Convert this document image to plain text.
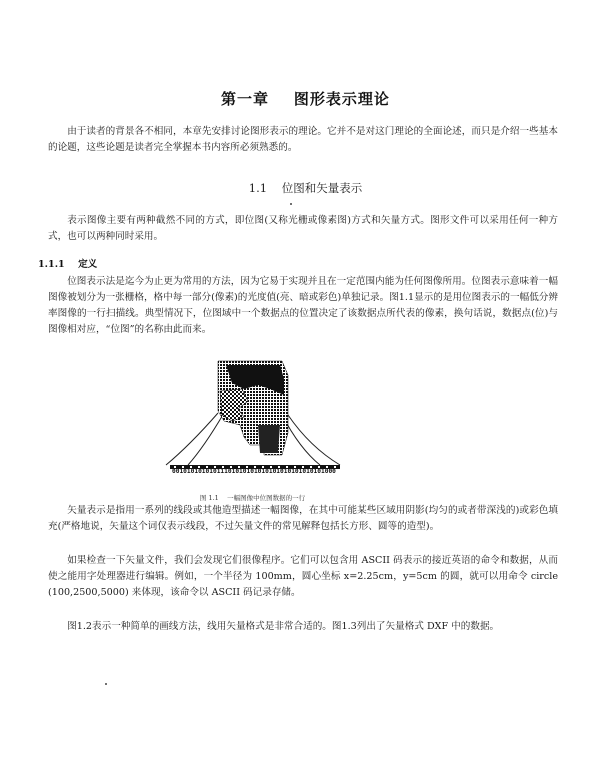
第一章    图形表示理论

由于读者的背景各不相同，本章先安排讨论图形表示的理论。它并不是对这门理论的全面论述，而只是介绍一些基本的论题，这些论题是读者完全掌握本书内容所必须熟悉的。

1.1    位图和矢量表示

表示图像主要有两种截然不同的方式，即位图(又称光栅或像素图)方式和矢量方式。图形文件可以采用任何一种方式，也可以两种同时采用。

1.1.1    定义

位图表示法是迄今为止更为常用的方法，因为它易于实现并且在一定范围内能为任何图像所用。位图表示意味着一幅图像被划分为一张栅格，格中每一部分(像素)的光度值(亮、暗或彩色)单独记录。图1.1显示的是用位图表示的一幅低分辨率图像的一行扫描线。典型情况下，位图域中一个数据点的位置决定了该数据点所代表的像素，换句话说，数据点(位)与图像相对应，“位图”的名称由此而来。

00101010101011101010101010101010101010101000
图 1.1    一幅图像中位图数据的一行

矢量表示是指用一系列的线段或其他造型描述一幅图像，在其中可能某些区域用阴影(均匀的或者带深浅的)或彩色填充(严格地说，矢量这个词仅表示线段，不过矢量文件的常见解释包括长方形、圆等的造型)。

如果检查一下矢量文件，我们会发现它们很像程序。它们可以包含用 ASCII 码表示的接近英语的命令和数据，从而使之能用字处理器进行编辑。例如，一个半径为 100mm，圆心坐标 x=2.25cm，y=5cm 的圆，就可以用命令 circle (100,2500,5000) 来体现，该命令以 ASCII 码记录存储。

图1.2表示一种简单的画线方法，线用矢量格式是非常合适的。图1.3列出了矢量格式 DXF 中的数据。
